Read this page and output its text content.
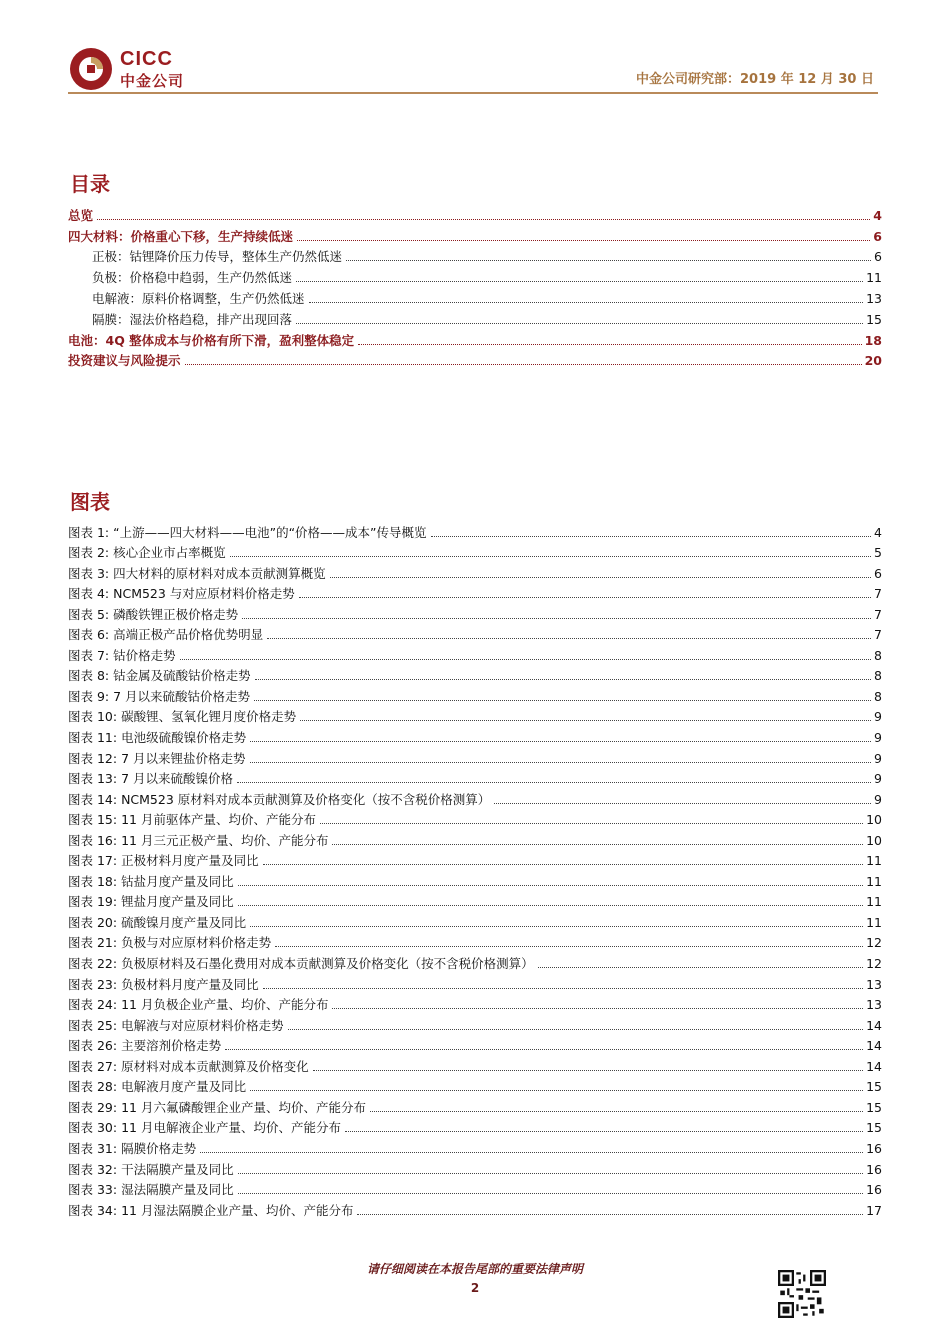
CICC
中金公司	中金公司研究部：2019 年 12 月 30 日
目录
总览	4
四大材料：价格重心下移，生产持续低迷	6
正极：钴锂降价压力传导，整体生产仍然低迷	6
负极：价格稳中趋弱，生产仍然低迷	11
电解液：原料价格调整，生产仍然低迷	13
隔膜：湿法价格趋稳，排产出现回落	15
电池：4Q 整体成本与价格有所下滑，盈利整体稳定	18
投资建议与风险提示	20
图表
图表 1: “上游——四大材料——电池”的“价格——成本”传导概览	4
图表 2: 核心企业市占率概览	5
图表 3: 四大材料的原材料对成本贡献测算概览	6
图表 4: NCM523 与对应原材料价格走势	7
图表 5: 磷酸铁锂正极价格走势	7
图表 6: 高端正极产品价格优势明显	7
图表 7: 钴价格走势	8
图表 8: 钴金属及硫酸钴价格走势	8
图表 9: 7 月以来硫酸钴价格走势	8
图表 10: 碳酸锂、氢氧化锂月度价格走势	9
图表 11: 电池级硫酸镍价格走势	9
图表 12: 7 月以来锂盐价格走势	9
图表 13: 7 月以来硫酸镍价格	9
图表 14: NCM523 原材料对成本贡献测算及价格变化（按不含税价格测算）	9
图表 15: 11 月前驱体产量、均价、产能分布	10
图表 16: 11 月三元正极产量、均价、产能分布	10
图表 17: 正极材料月度产量及同比	11
图表 18: 钴盐月度产量及同比	11
图表 19: 锂盐月度产量及同比	11
图表 20: 硫酸镍月度产量及同比	11
图表 21: 负极与对应原材料价格走势	12
图表 22: 负极原材料及石墨化费用对成本贡献测算及价格变化（按不含税价格测算）	12
图表 23: 负极材料月度产量及同比	13
图表 24: 11 月负极企业产量、均价、产能分布	13
图表 25: 电解液与对应原材料价格走势	14
图表 26: 主要溶剂价格走势	14
图表 27: 原材料对成本贡献测算及价格变化	14
图表 28: 电解液月度产量及同比	15
图表 29: 11 月六氟磷酸锂企业产量、均价、产能分布	15
图表 30: 11 月电解液企业产量、均价、产能分布	15
图表 31: 隔膜价格走势	16
图表 32: 干法隔膜产量及同比	16
图表 33: 湿法隔膜产量及同比	16
图表 34: 11 月湿法隔膜企业产量、均价、产能分布	17
请仔细阅读在本报告尾部的重要法律声明
2
